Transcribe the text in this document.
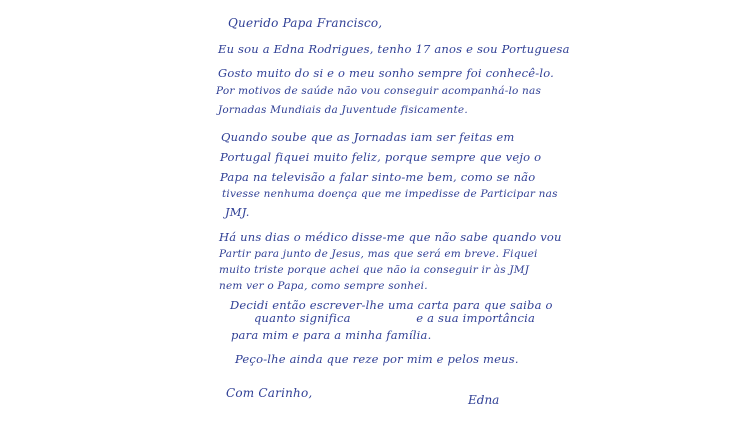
Querido Papa Francisco,
Eu sou a Edna Rodrigues, tenho 17 anos e sou Portuguesa
Gosto muito do si e o meu sonho sempre foi conhecê-lo.
Por motivos de saúde não vou conseguir acompanhá-lo nas
Jornadas Mundiais da Juventude fisicamente.
Quando soube que as Jornadas iam ser feitas em
Portugal fiquei muito feliz, porque sempre que vejo o
Papa na televisão a falar sinto-me bem, como se não
tivesse nenhuma doença que me impedisse de Participar nas
JMJ.
Há uns dias o médico disse-me que não sabe quando vou
Partir para junto de Jesus, mas que será em breve. Fiquei
muito triste porque achei que não ia conseguir ir às JMJ
nem ver o Papa, como sempre sonhei.
Decidi então escrever-lhe uma carta para que saiba o
quanto significa                 e a sua importância
para mim e para a minha família.
Peço-lhe ainda que reze por mim e pelos meus.
Com Carinho,	Edna
